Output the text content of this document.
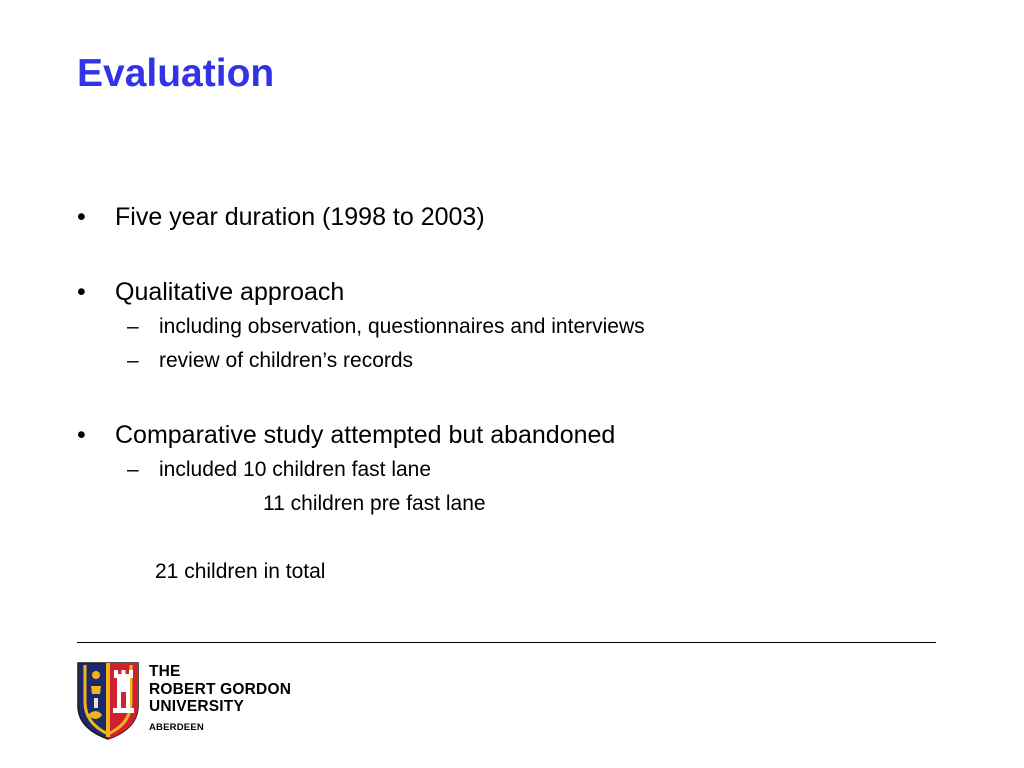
Evaluation
• Five year duration (1998 to 2003)
• Qualitative approach
– including observation, questionnaires and interviews
– review of children’s records
• Comparative study attempted but abandoned
– included 10 children fast lane
11 children pre fast lane
21 children in total
THE
ROBERT GORDON
UNIVERSITY
ABERDEEN
